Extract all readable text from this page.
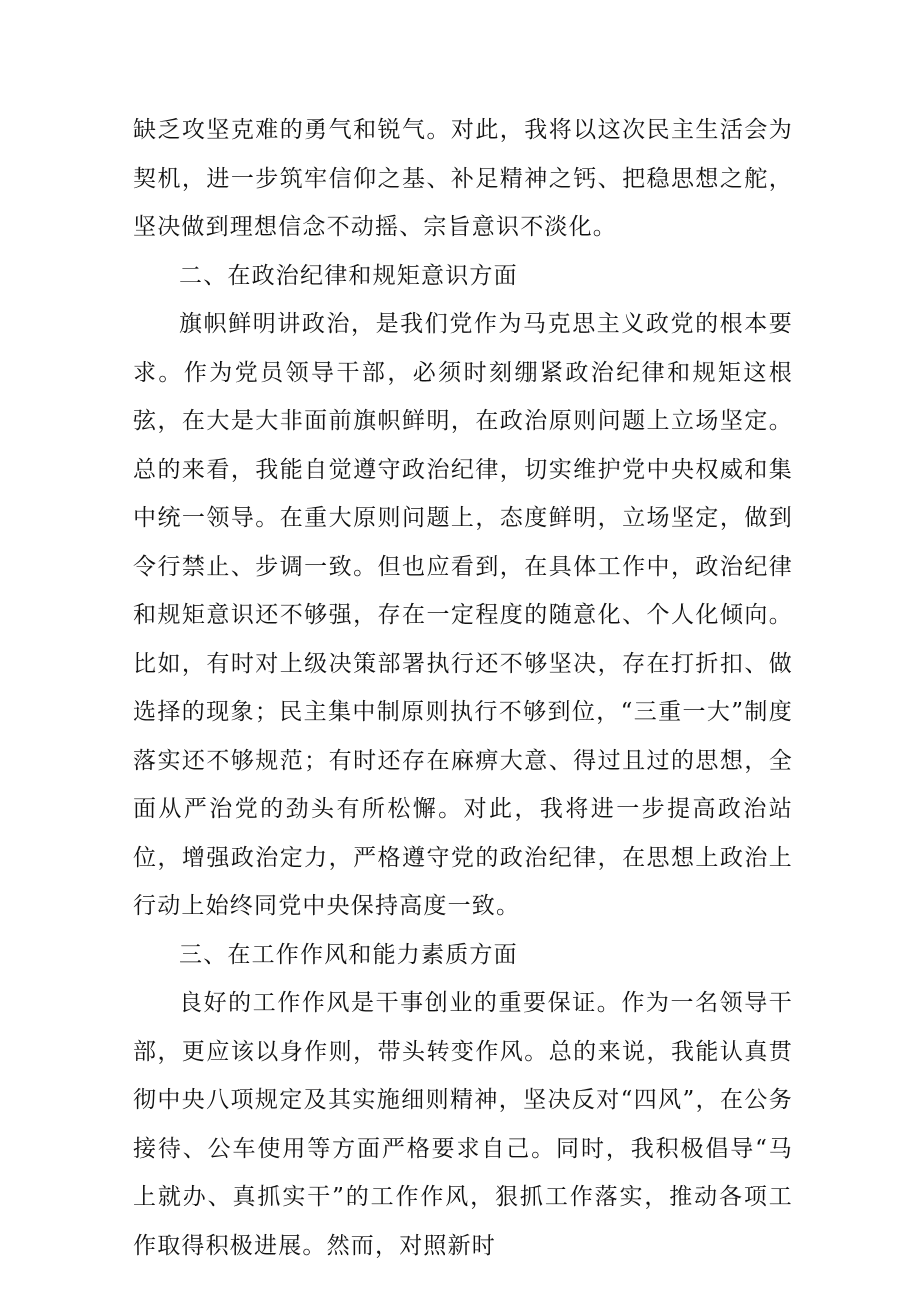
缺乏攻坚克难的勇气和锐气。对此，我将以这次民主生活会为契机，进一步筑牢信仰之基、补足精神之钙、把稳思想之舵，坚决做到理想信念不动摇、宗旨意识不淡化。

二、在政治纪律和规矩意识方面

旗帜鲜明讲政治，是我们党作为马克思主义政党的根本要求。作为党员领导干部，必须时刻绷紧政治纪律和规矩这根弦，在大是大非面前旗帜鲜明，在政治原则问题上立场坚定。总的来看，我能自觉遵守政治纪律，切实维护党中央权威和集中统一领导。在重大原则问题上，态度鲜明，立场坚定，做到令行禁止、步调一致。但也应看到，在具体工作中，政治纪律和规矩意识还不够强，存在一定程度的随意化、个人化倾向。比如，有时对上级决策部署执行还不够坚决，存在打折扣、做选择的现象；民主集中制原则执行不够到位，“三重一大”制度落实还不够规范；有时还存在麻痹大意、得过且过的思想，全面从严治党的劲头有所松懈。对此，我将进一步提高政治站位，增强政治定力，严格遵守党的政治纪律，在思想上政治上行动上始终同党中央保持高度一致。

三、在工作作风和能力素质方面

良好的工作作风是干事创业的重要保证。作为一名领导干部，更应该以身作则，带头转变作风。总的来说，我能认真贯彻中央八项规定及其实施细则精神，坚决反对“四风”，在公务接待、公车使用等方面严格要求自己。同时，我积极倡导“马上就办、真抓实干”的工作作风，狠抓工作落实，推动各项工作取得积极进展。然而，对照新时
